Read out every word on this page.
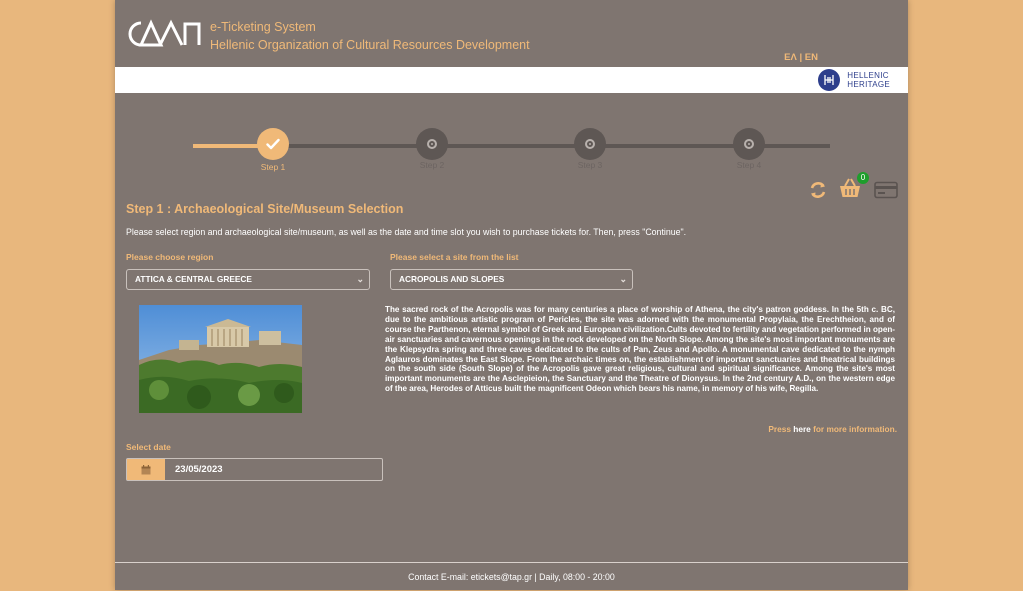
e-Ticketing System
Hellenic Organization of Cultural Resources Development
ΕΛ | EN
HELLENIC
HERITAGE
Step 1	Step 2	Step 3	Step 4
0
Step 1 : Archaeological Site/Museum Selection
Please select region and archaeological site/museum, as well as the date and time slot you wish to purchase tickets for. Then, press "Continue".
Please choose region
ATTICA & CENTRAL GREECE	⌄
Please select a site from the list
ACROPOLIS AND SLOPES	⌄
The sacred rock of the Acropolis was for many centuries a place of worship of Athena, the city's patron goddess. In the 5th c. BC, due to the ambitious artistic program of Pericles, the site was adorned with the monumental Propylaia, the Erechtheion, and of course the Parthenon, eternal symbol of Greek and European civilization.Cults devoted to fertility and vegetation performed in open-air sanctuaries and cavernous openings in the rock developed on the North Slope. Among the site's most important monuments are the Klepsydra spring and three caves dedicated to the cults of Pan, Zeus and Apollo. A monumental cave dedicated to the nymph Aglauros dominates the East Slope. From the archaic times on, the establishment of important sanctuaries and theatrical buildings on the south side (South Slope) of the Acropolis gave great religious, cultural and spiritual significance. Among the site's most important monuments are the Asclepieion, the Sanctuary and the Theatre of Dionysus. In the 2nd century A.D., on the western edge of the area, Herodes of Atticus built the magnificent Odeon which bears his name, in memory of his wife, Regilla.
Press here for more information.
Select date
23/05/2023
Contact E-mail: etickets@tap.gr | Daily, 08:00 - 20:00
